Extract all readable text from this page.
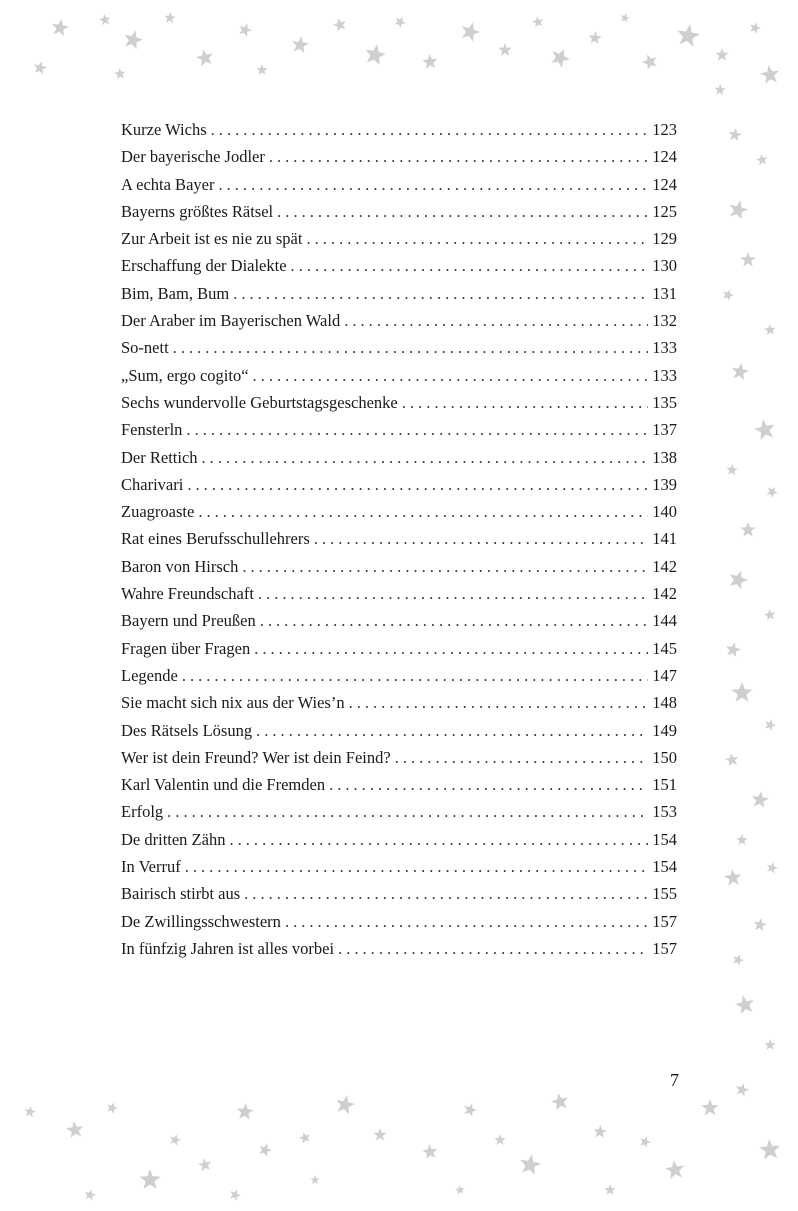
Kurze Wichs . . .	123
Der bayerische Jodler . . .	124
A echta Bayer . . .	124
Bayerns größtes Rätsel . . .	125
Zur Arbeit ist es nie zu spät . . .	129
Erschaffung der Dialekte . . .	130
Bim, Bam, Bum . . .	131
Der Araber im Bayerischen Wald . . .	132
So-nett . . .	133
„Sum, ergo cogito“ . . .	133
Sechs wundervolle Geburtstagsgeschenke . . .	135
Fensterln . . .	137
Der Rettich . . .	138
Charivari . . .	139
Zuagroaste . . .	140
Rat eines Berufsschullehrers . . .	141
Baron von Hirsch . . .	142
Wahre Freundschaft . . .	142
Bayern und Preußen . . .	144
Fragen über Fragen . . .	145
Legende . . .	147
Sie macht sich nix aus der Wies’n . . .	148
Des Rätsels Lösung . . .	149
Wer ist dein Freund? Wer ist dein Feind? . . .	150
Karl Valentin und die Fremden . . .	151
Erfolg . . .	153
De dritten Zähn . . .	154
In Verruf . . .	154
Bairisch stirbt aus . . .	155
De Zwillingsschwestern . . .	157
In fünfzig Jahren ist alles vorbei . . .	157
7
